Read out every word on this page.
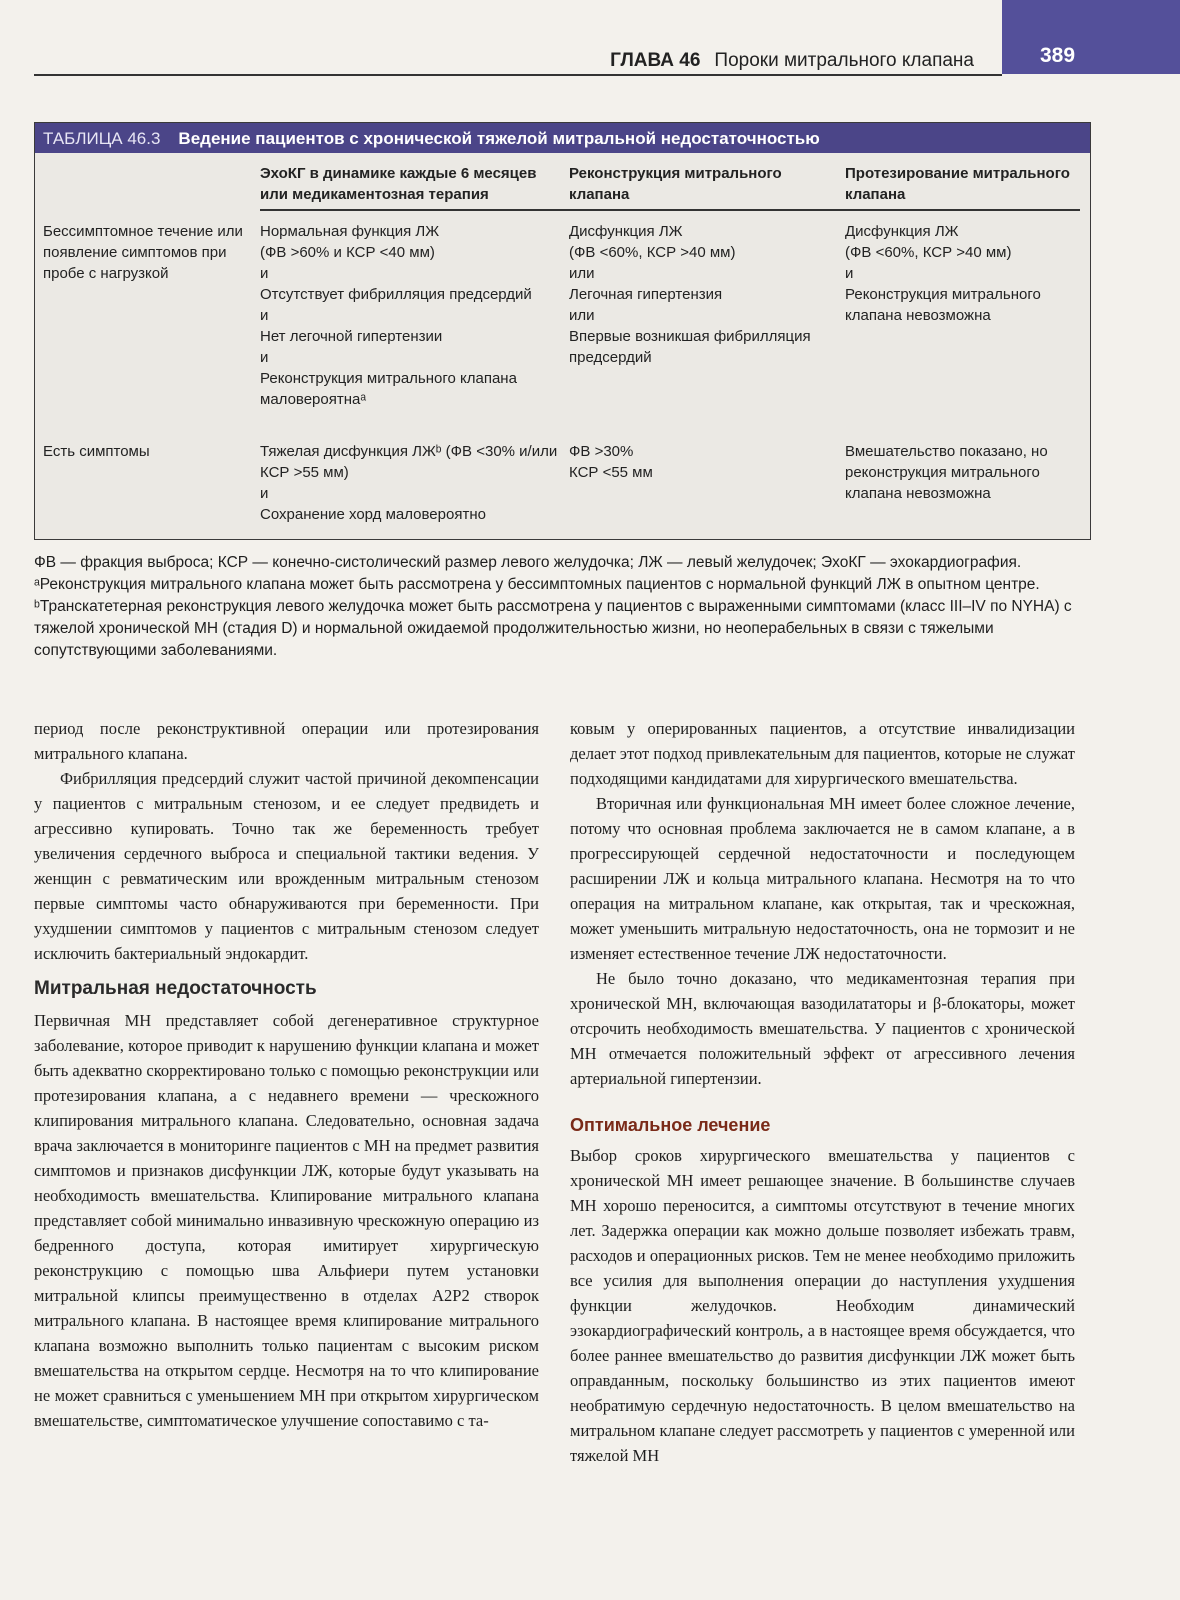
389
ГЛАВА 46 Пороки митрального клапана
ТАБЛИЦА 46.3 Ведение пациентов с хронической тяжелой митральной недостаточностью
ЭхоКГ в динамике каждые 6 месяцев или медикаментозная терапия
Реконструкция митрального клапана
Протезирование митрального клапана
Бессимптомное течение или появление симптомов при пробе с нагрузкой
Нормальная функция ЛЖ
(ФВ >60% и КСР <40 мм)
и
Отсутствует фибрилляция предсердий
и
Нет легочной гипертензии
и
Реконструкция митрального клапана маловероятнаᵃ
Дисфункция ЛЖ
(ФВ <60%, КСР >40 мм)
или
Легочная гипертензия
или
Впервые возникшая фибрилляция предсердий
Дисфункция ЛЖ
(ФВ <60%, КСР >40 мм)
и
Реконструкция митрального клапана невозможна
Есть симптомы	Тяжелая дисфункция ЛЖᵇ (ФВ <30% и/или КСР >55 мм)
и
Сохранение хорд маловероятно
ФВ >30%
КСР <55 мм
Вмешательство показано, но реконструкция митрального клапана невозможна

ФВ — фракция выброса; КСР — конечно-систолический размер левого желудочка; ЛЖ — левый желудочек; ЭхоКГ — эхокардиография.

ᵃРеконструкция митрального клапана может быть рассмотрена у бессимптомных пациентов с нормальной функций ЛЖ в опытном центре.

ᵇТранскатетерная реконструкция левого желудочка может быть рассмотрена у пациентов с выраженными симптомами (класс III–IV по NYHA) с тяжелой хронической МН (стадия D) и нормальной ожидаемой продолжительностью жизни, но неоперабельных в связи с тяжелыми сопутствующими заболеваниями.

период после реконструктивной операции или протезирования митрального клапана.

Фибрилляция предсердий служит частой причиной декомпенсации у пациентов с митральным стенозом, и ее следует предвидеть и агрессивно купировать. Точно так же беременность требует увеличения сердечного выброса и специальной тактики ведения. У женщин с ревматическим или врожденным митральным стенозом первые симптомы часто обнаруживаются при беременности. При ухудшении симптомов у пациентов с митральным стенозом следует исключить бактериальный эндокардит.

Митральная недостаточность

Первичная МН представляет собой дегенеративное структурное заболевание, которое приводит к нарушению функции клапана и может быть адекватно скорректировано только с помощью реконструкции или протезирования клапана, а с недавнего времени — чрескожного клипирования митрального клапана. Следовательно, основная задача врача заключается в мониторинге пациентов с МН на предмет развития симптомов и признаков дисфункции ЛЖ, которые будут указывать на необходимость вмешательства. Клипирование митрального клапана представляет собой минимально инвазивную чрескожную операцию из бедренного доступа, которая имитирует хирургическую реконструкцию с помощью шва Альфиери путем установки митральной клипсы преимущественно в отделах A2P2 створок митрального клапана. В настоящее время клипирование митрального клапана возможно выполнить только пациентам с высоким риском вмешательства на открытом сердце. Несмотря на то что клипирование не может сравниться с уменьшением МН при открытом хирургическом вмешательстве, симптоматическое улучшение сопоставимо с та-

ковым у оперированных пациентов, а отсутствие инвалидизации делает этот подход привлекательным для пациентов, которые не служат подходящими кандидатами для хирургического вмешательства.

Вторичная или функциональная МН имеет более сложное лечение, потому что основная проблема заключается не в самом клапане, а в прогрессирующей сердечной недостаточности и последующем расширении ЛЖ и кольца митрального клапана. Несмотря на то что операция на митральном клапане, как открытая, так и чрескожная, может уменьшить митральную недостаточность, она не тормозит и не изменяет естественное течение ЛЖ недостаточности.

Не было точно доказано, что медикаментозная терапия при хронической МН, включающая вазодилататоры и β-блокаторы, может отсрочить необходимость вмешательства. У пациентов с хронической МН отмечается положительный эффект от агрессивного лечения артериальной гипертензии.

Оптимальное лечение

Выбор сроков хирургического вмешательства у пациентов с хронической МН имеет решающее значение. В большинстве случаев МН хорошо переносится, а симптомы отсутствуют в течение многих лет. Задержка операции как можно дольше позволяет избежать травм, расходов и операционных рисков. Тем не менее необходимо приложить все усилия для выполнения операции до наступления ухудшения функции желудочков. Необходим динамический эзокардиографический контроль, а в настоящее время обсуждается, что более раннее вмешательство до развития дисфункции ЛЖ может быть оправданным, поскольку большинство из этих пациентов имеют необратимую сердечную недостаточность. В целом вмешательство на митральном клапане следует рассмотреть у пациентов с умеренной или тяжелой МН
